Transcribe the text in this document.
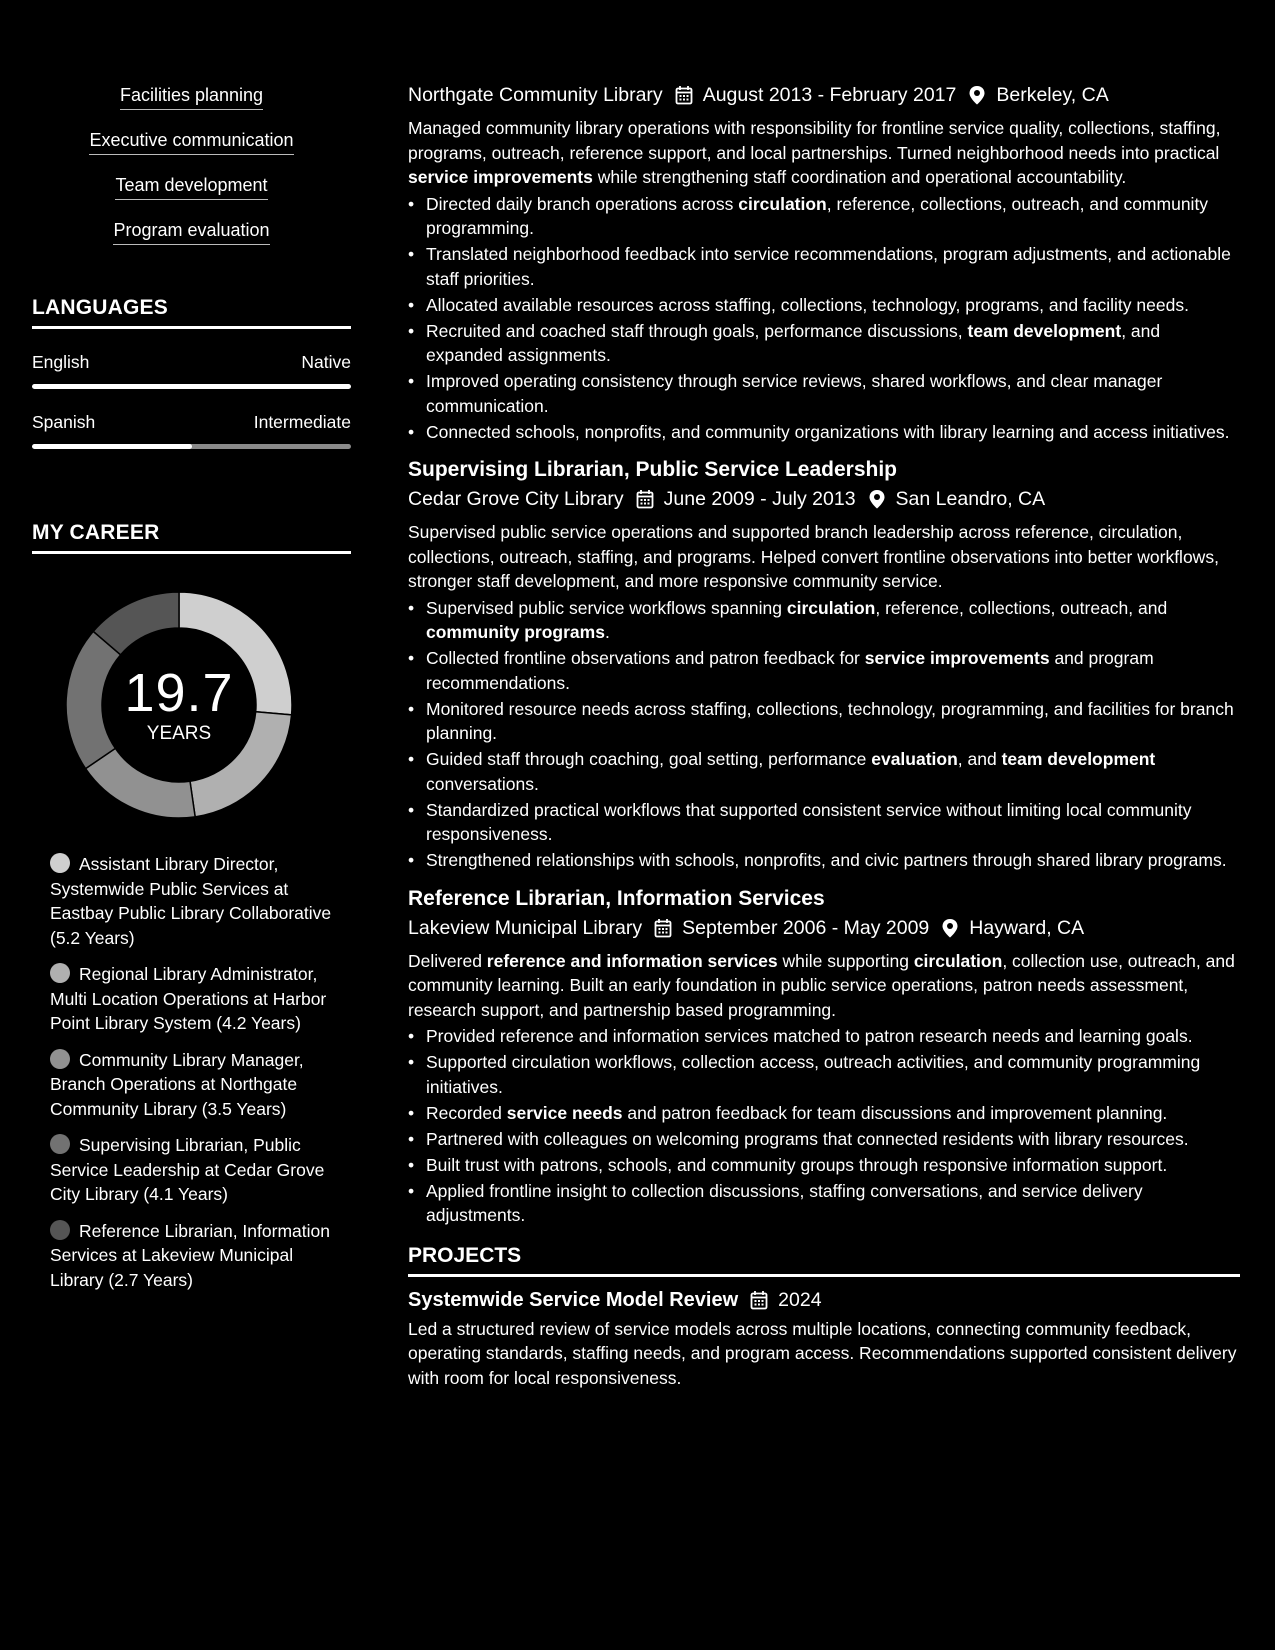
Facilities planning
Executive communication
Team development
Program evaluation
LANGUAGES
English	Native
Spanish	Intermediate
MY CAREER
19.7
YEARS
Assistant Library Director, Systemwide Public Services at Eastbay Public Library Collaborative (5.2 Years)
Regional Library Administrator, Multi Location Operations at Harbor Point Library System (4.2 Years)
Community Library Manager, Branch Operations at Northgate Community Library (3.5 Years)
Supervising Librarian, Public Service Leadership at Cedar Grove City Library (4.1 Years)
Reference Librarian, Information Services at Lakeview Municipal Library (2.7 Years)
Northgate Community Library August 2013 - February 2017 Berkeley, CA

Managed community library operations with responsibility for frontline service quality, collections, staffing, programs, outreach, reference support, and local partnerships. Turned neighborhood needs into practical service improvements while strengthening staff coordination and operational accountability.

• Directed daily branch operations across circulation, reference, collections, outreach, and community programming.
• Translated neighborhood feedback into service recommendations, program adjustments, and actionable staff priorities.
• Allocated available resources across staffing, collections, technology, programs, and facility needs.
• Recruited and coached staff through goals, performance discussions, team development, and expanded assignments.
• Improved operating consistency through service reviews, shared workflows, and clear manager communication.
• Connected schools, nonprofits, and community organizations with library learning and access initiatives.
Supervising Librarian, Public Service Leadership
Cedar Grove City Library June 2009 - July 2013 San Leandro, CA

Supervised public service operations and supported branch leadership across reference, circulation, collections, outreach, staffing, and programs. Helped convert frontline observations into better workflows, stronger staff development, and more responsive community service.

• Supervised public service workflows spanning circulation, reference, collections, outreach, and community programs.
• Collected frontline observations and patron feedback for service improvements and program recommendations.
• Monitored resource needs across staffing, collections, technology, programming, and facilities for branch planning.
• Guided staff through coaching, goal setting, performance evaluation, and team development conversations.
• Standardized practical workflows that supported consistent service without limiting local community responsiveness.
• Strengthened relationships with schools, nonprofits, and civic partners through shared library programs.
Reference Librarian, Information Services
Lakeview Municipal Library September 2006 - May 2009 Hayward, CA

Delivered reference and information services while supporting circulation, collection use, outreach, and community learning. Built an early foundation in public service operations, patron needs assessment, research support, and partnership based programming.

• Provided reference and information services matched to patron research needs and learning goals.
• Supported circulation workflows, collection access, outreach activities, and community programming initiatives.
• Recorded service needs and patron feedback for team discussions and improvement planning.
• Partnered with colleagues on welcoming programs that connected residents with library resources.
• Built trust with patrons, schools, and community groups through responsive information support.
• Applied frontline insight to collection discussions, staffing conversations, and service delivery adjustments.
PROJECTS
Systemwide Service Model Review 2024

Led a structured review of service models across multiple locations, connecting community feedback, operating standards, staffing needs, and program access. Recommendations supported consistent delivery with room for local responsiveness.
